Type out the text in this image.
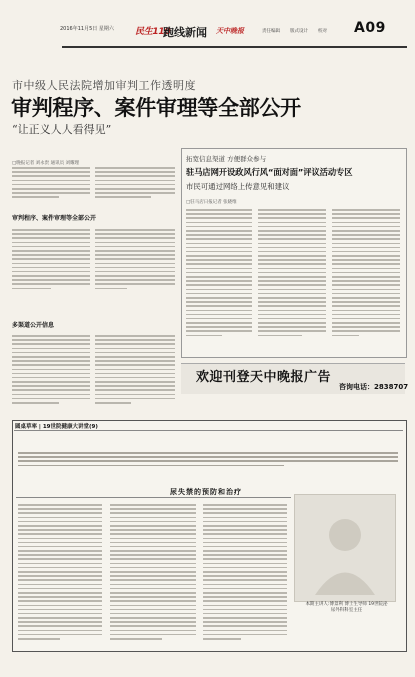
2016年11月5日 星期六 民生110
跑线新闻 天中晚报	责任编辑 版式设计 校对 A09
市中级人民法院增加审判工作透明度
审判程序、案件审理等全部公开
“让正义人人看得见”
□晚报记者 刘永贵 通讯员 刘耀理
审判程序、案件审理等全部公开
多渠道公开信息
拓宽信息渠道 方便群众参与
驻马店网开设政风行风“面对面”评议活动专区
市民可通过网络上传意见和建议
□驻马店日报记者 张晓维
欢迎刊登天中晚报广告
咨询电话：2838707
圆桌草率 | 19世院健康大讲堂(9)
尿失禁的预防和治疗
本期主讲人:傅景利 博士生导师 19世院泌尿外科科室主任
